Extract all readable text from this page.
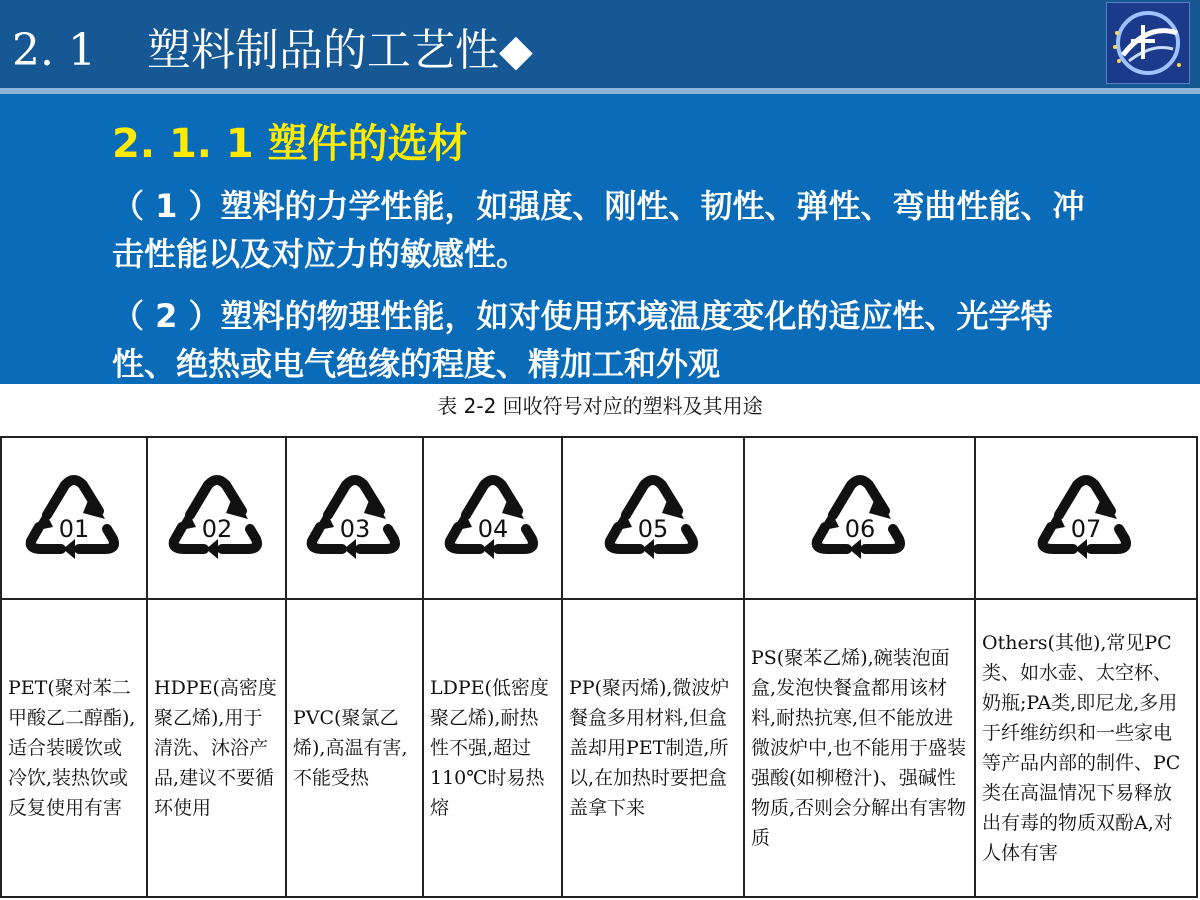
2. 1 塑料制品的工艺性◆
2. 1. 1 塑件的选材
（ 1 ）塑料的力学性能，如强度、刚性、韧性、弹性、弯曲性能、冲击性能以及对应力的敏感性。
（ 2 ）塑料的物理性能，如对使用环境温度变化的适应性、光学特性、绝热或电气绝缘的程度、精加工和外观
表 2-2 回收符号对应的塑料及其用途
01	02	03	04	05	06	07

PET(聚对苯二甲酸乙二醇酯),适合装暖饮或冷饮,装热饮或反复使用有害	HDPE(高密度聚乙烯),用于清洗、沐浴产品,建议不要循环使用	PVC(聚氯乙烯),高温有害,不能受热	LDPE(低密度聚乙烯),耐热性不强,超过110℃时易热熔	PP(聚丙烯),微波炉餐盒多用材料,但盒盖却用PET制造,所以,在加热时要把盒盖拿下来	PS(聚苯乙烯),碗装泡面盒,发泡快餐盒都用该材料,耐热抗寒,但不能放进微波炉中,也不能用于盛装强酸(如柳橙汁)、强碱性物质,否则会分解出有害物质	Others(其他),常见PC类、如水壶、太空杯、奶瓶;PA类,即尼龙,多用于纤维纺织和一些家电等产品内部的制件、PC类在高温情况下易释放出有毒的物质双酚A,对人体有害
